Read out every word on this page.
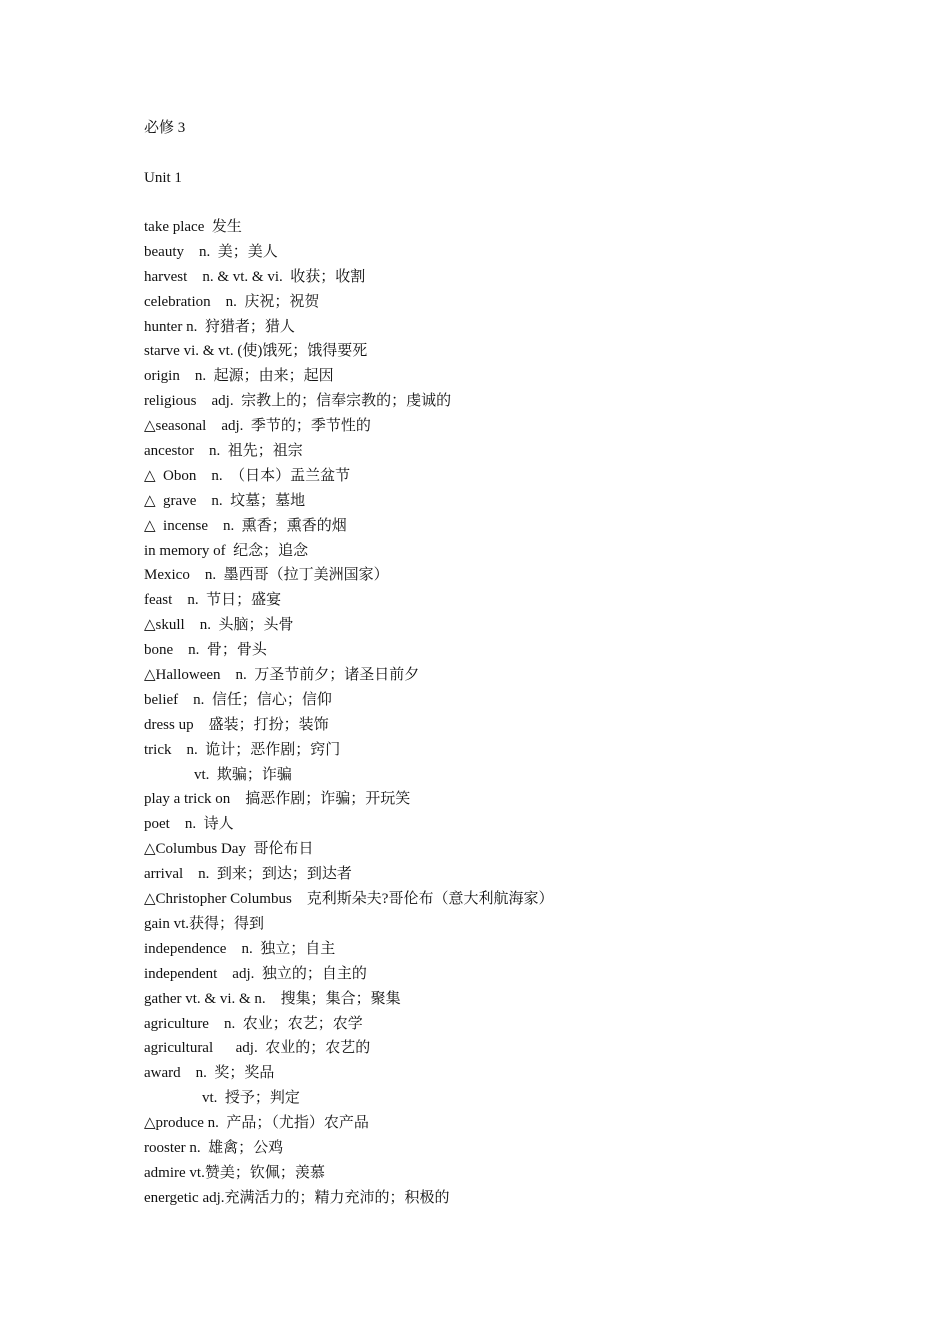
必修 3

Unit 1

take place  发生
beauty    n.  美；美人
harvest    n. & vt. & vi.  收获；收割
celebration    n.  庆祝；祝贺
hunter n.  狩猎者；猎人
starve vi. & vt. (使)饿死；饿得要死
origin    n.  起源；由来；起因
religious    adj.  宗教上的；信奉宗教的；虔诚的
△seasonal    adj.  季节的；季节性的
ancestor    n.  祖先；祖宗
△  Obon    n.  （日本）盂兰盆节
△  grave    n.  坟墓；墓地
△  incense    n.  熏香；熏香的烟
in memory of  纪念；追念
Mexico    n.  墨西哥（拉丁美洲国家）
feast    n.  节日；盛宴
△skull    n.  头脑；头骨
bone    n.  骨；骨头
△Halloween    n.  万圣节前夕；诸圣日前夕
belief    n.  信任；信心；信仰
dress up    盛装；打扮；装饰
trick    n.  诡计；恶作剧；窍门
vt.  欺骗；诈骗
play a trick on    搞恶作剧；诈骗；开玩笑
poet    n.  诗人
△Columbus Day  哥伦布日
arrival    n.  到来；到达；到达者
△Christopher Columbus    克利斯朵夫?哥伦布（意大利航海家）
gain vt.获得；得到
independence    n.  独立；自主
independent    adj.  独立的；自主的
gather vt. & vi. & n.    搜集；集合；聚集
agriculture    n.  农业；农艺；农学
agricultural      adj.  农业的；农艺的
award    n.  奖；奖品
vt.  授予；判定
△produce n.  产品；（尤指）农产品
rooster n.  雄禽；公鸡
admire vt.赞美；钦佩；羡慕
energetic adj.充满活力的；精力充沛的；积极的
